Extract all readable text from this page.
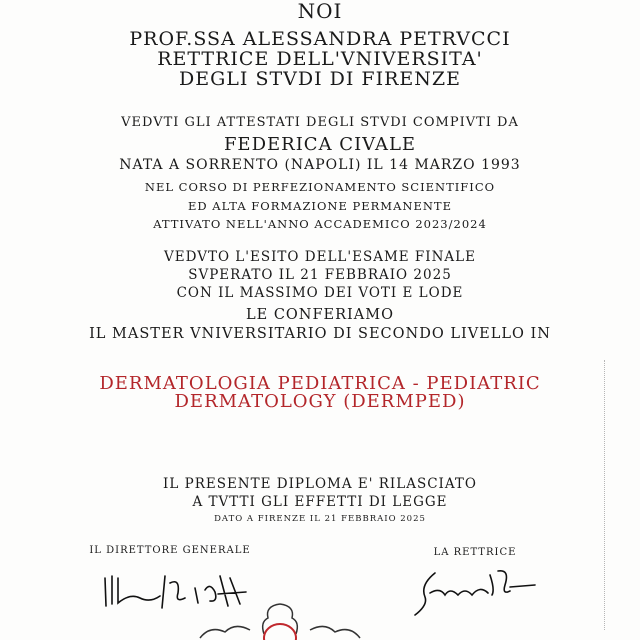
NOI
PROF.SSA ALESSANDRA PETRVCCI
RETTRICE DELL'VNIVERSITA'
DEGLI STVDI DI FIRENZE
VEDVTI GLI ATTESTATI DEGLI STVDI COMPIVTI DA
FEDERICA CIVALE
NATA A SORRENTO (NAPOLI) IL 14 MARZO 1993
NEL CORSO DI PERFEZIONAMENTO SCIENTIFICO
ED ALTA FORMAZIONE PERMANENTE
ATTIVATO NELL'ANNO ACCADEMICO 2023/2024
VEDVTO L'ESITO DELL'ESAME FINALE
SVPERATO IL 21 FEBBRAIO 2025
CON IL MASSIMO DEI VOTI E LODE
LE CONFERIAMO
IL MASTER VNIVERSITARIO DI SECONDO LIVELLO IN
DERMATOLOGIA PEDIATRICA - PEDIATRIC
DERMATOLOGY (DERMPED)
IL PRESENTE DIPLOMA E' RILASCIATO
A TVTTI GLI EFFETTI DI LEGGE
DATO A FIRENZE IL 21 FEBBRAIO 2025
IL DIRETTORE GENERALE	LA RETTRICE
